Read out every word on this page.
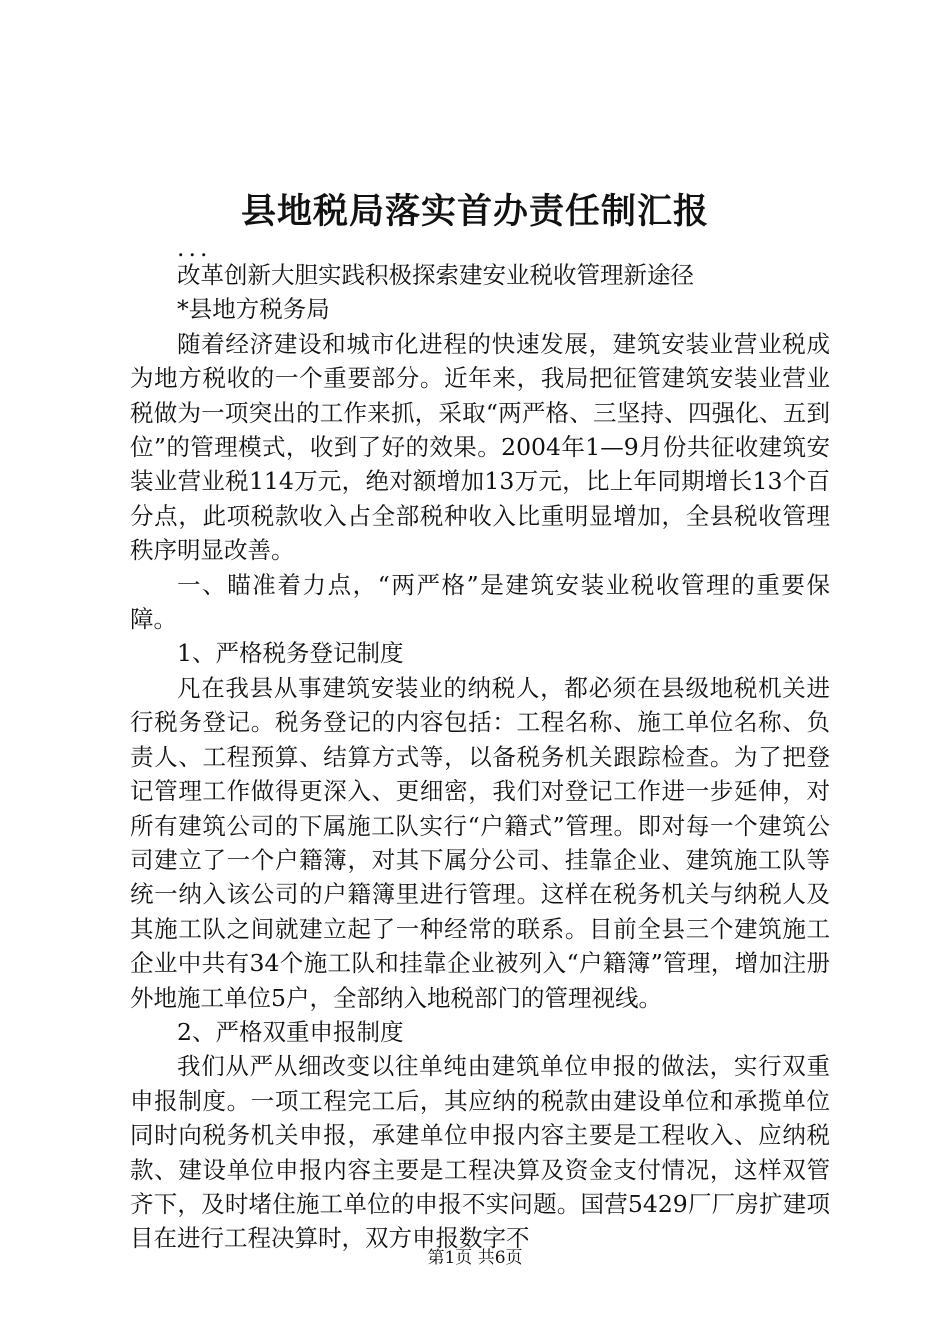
县地税局落实首办责任制汇报

...

改革创新大胆实践积极探索建安业税收管理新途径

*县地方税务局

随着经济建设和城市化进程的快速发展，建筑安装业营业税成为地方税收的一个重要部分。近年来，我局把征管建筑安装业营业税做为一项突出的工作来抓，采取“两严格、三坚持、四强化、五到位”的管理模式，收到了好的效果。2004年1—9月份共征收建筑安装业营业税114万元，绝对额增加13万元，比上年同期增长13个百分点，此项税款收入占全部税种收入比重明显增加，全县税收管理秩序明显改善。

一、瞄准着力点，“两严格”是建筑安装业税收管理的重要保障。

1、严格税务登记制度

凡在我县从事建筑安装业的纳税人，都必须在县级地税机关进行税务登记。税务登记的内容包括：工程名称、施工单位名称、负责人、工程预算、结算方式等，以备税务机关跟踪检查。为了把登记管理工作做得更深入、更细密，我们对登记工作进一步延伸，对所有建筑公司的下属施工队实行“户籍式”管理。即对每一个建筑公司建立了一个户籍簿，对其下属分公司、挂靠企业、建筑施工队等统一纳入该公司的户籍簿里进行管理。这样在税务机关与纳税人及其施工队之间就建立起了一种经常的联系。目前全县三个建筑施工企业中共有34个施工队和挂靠企业被列入“户籍簿”管理，增加注册外地施工单位5户，全部纳入地税部门的管理视线。

2、严格双重申报制度

我们从严从细改变以往单纯由建筑单位申报的做法，实行双重申报制度。一项工程完工后，其应纳的税款由建设单位和承揽单位同时向税务机关申报，承建单位申报内容主要是工程收入、应纳税款、建设单位申报内容主要是工程决算及资金支付情况，这样双管齐下，及时堵住施工单位的申报不实问题。国营5429厂厂房扩建项目在进行工程决算时，双方申报数字不

第1页 共6页
